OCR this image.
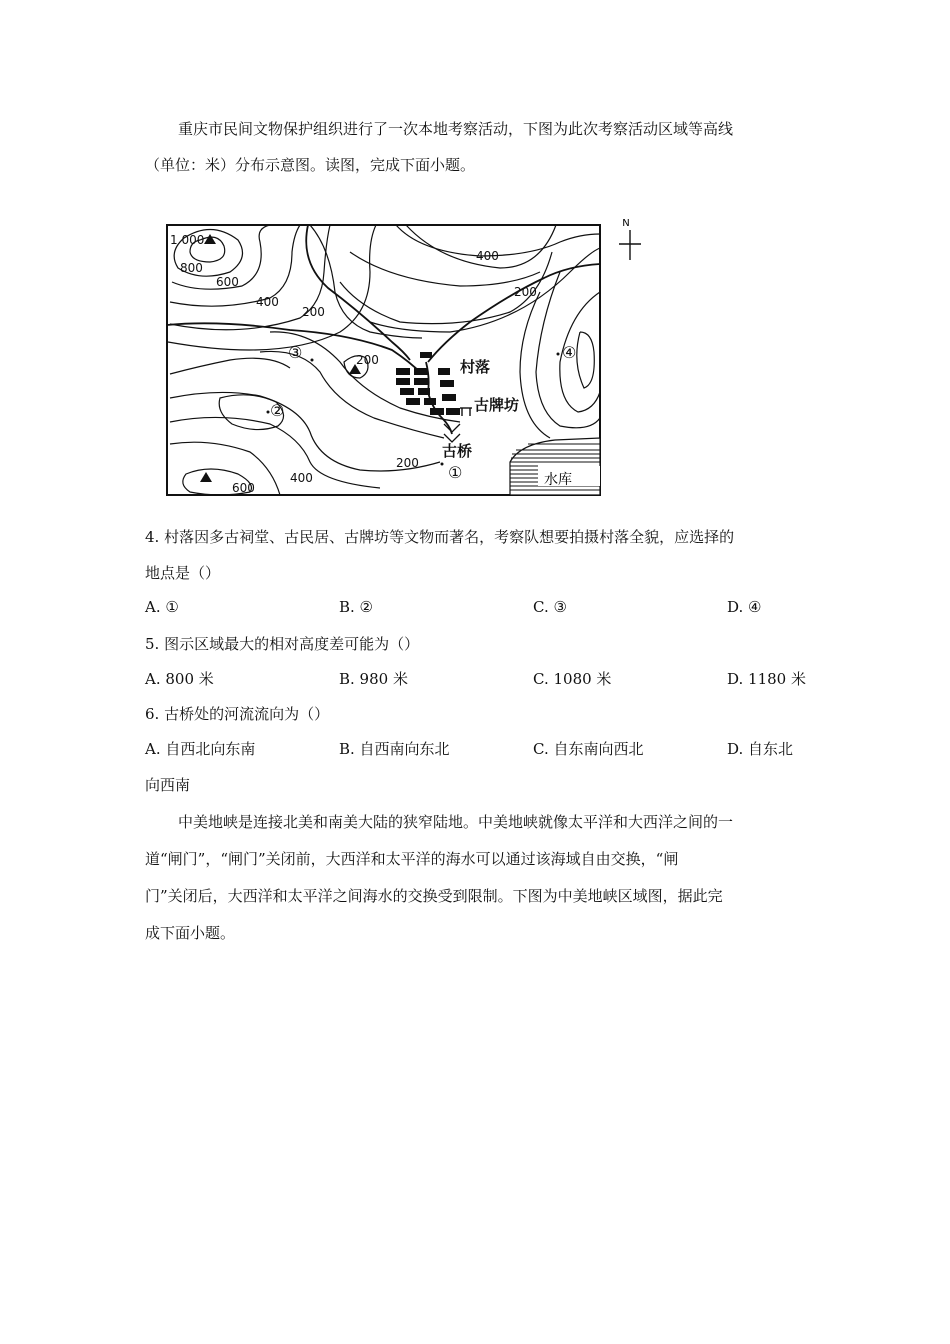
重庆市民间文物保护组织进行了一次本地考察活动，下图为此次考察活动区域等高线
（单位：米）分布示意图。读图，完成下面小题。
水库
N
1 000
800
600
400
200
400
200
200
200
400
600
村落
古牌坊
古桥
①
②
③	④
4. 村落因多古祠堂、古民居、古牌坊等文物而著名，考察队想要拍摄村落全貌，应选择的
地点是（）
A. ①	B. ②	C. ③	D. ④
5. 图示区域最大的相对高度差可能为（）
A. 800 米	B. 980 米	C. 1080 米	D. 1180 米
6. 古桥处的河流流向为（）
A. 自西北向东南	B. 自西南向东北	C. 自东南向西北	D. 自东北
向西南
中美地峡是连接北美和南美大陆的狭窄陆地。中美地峡就像太平洋和大西洋之间的一
道“闸门”，“闸门”关闭前，大西洋和太平洋的海水可以通过该海域自由交换，“闸
门”关闭后，大西洋和太平洋之间海水的交换受到限制。下图为中美地峡区域图，据此完
成下面小题。
